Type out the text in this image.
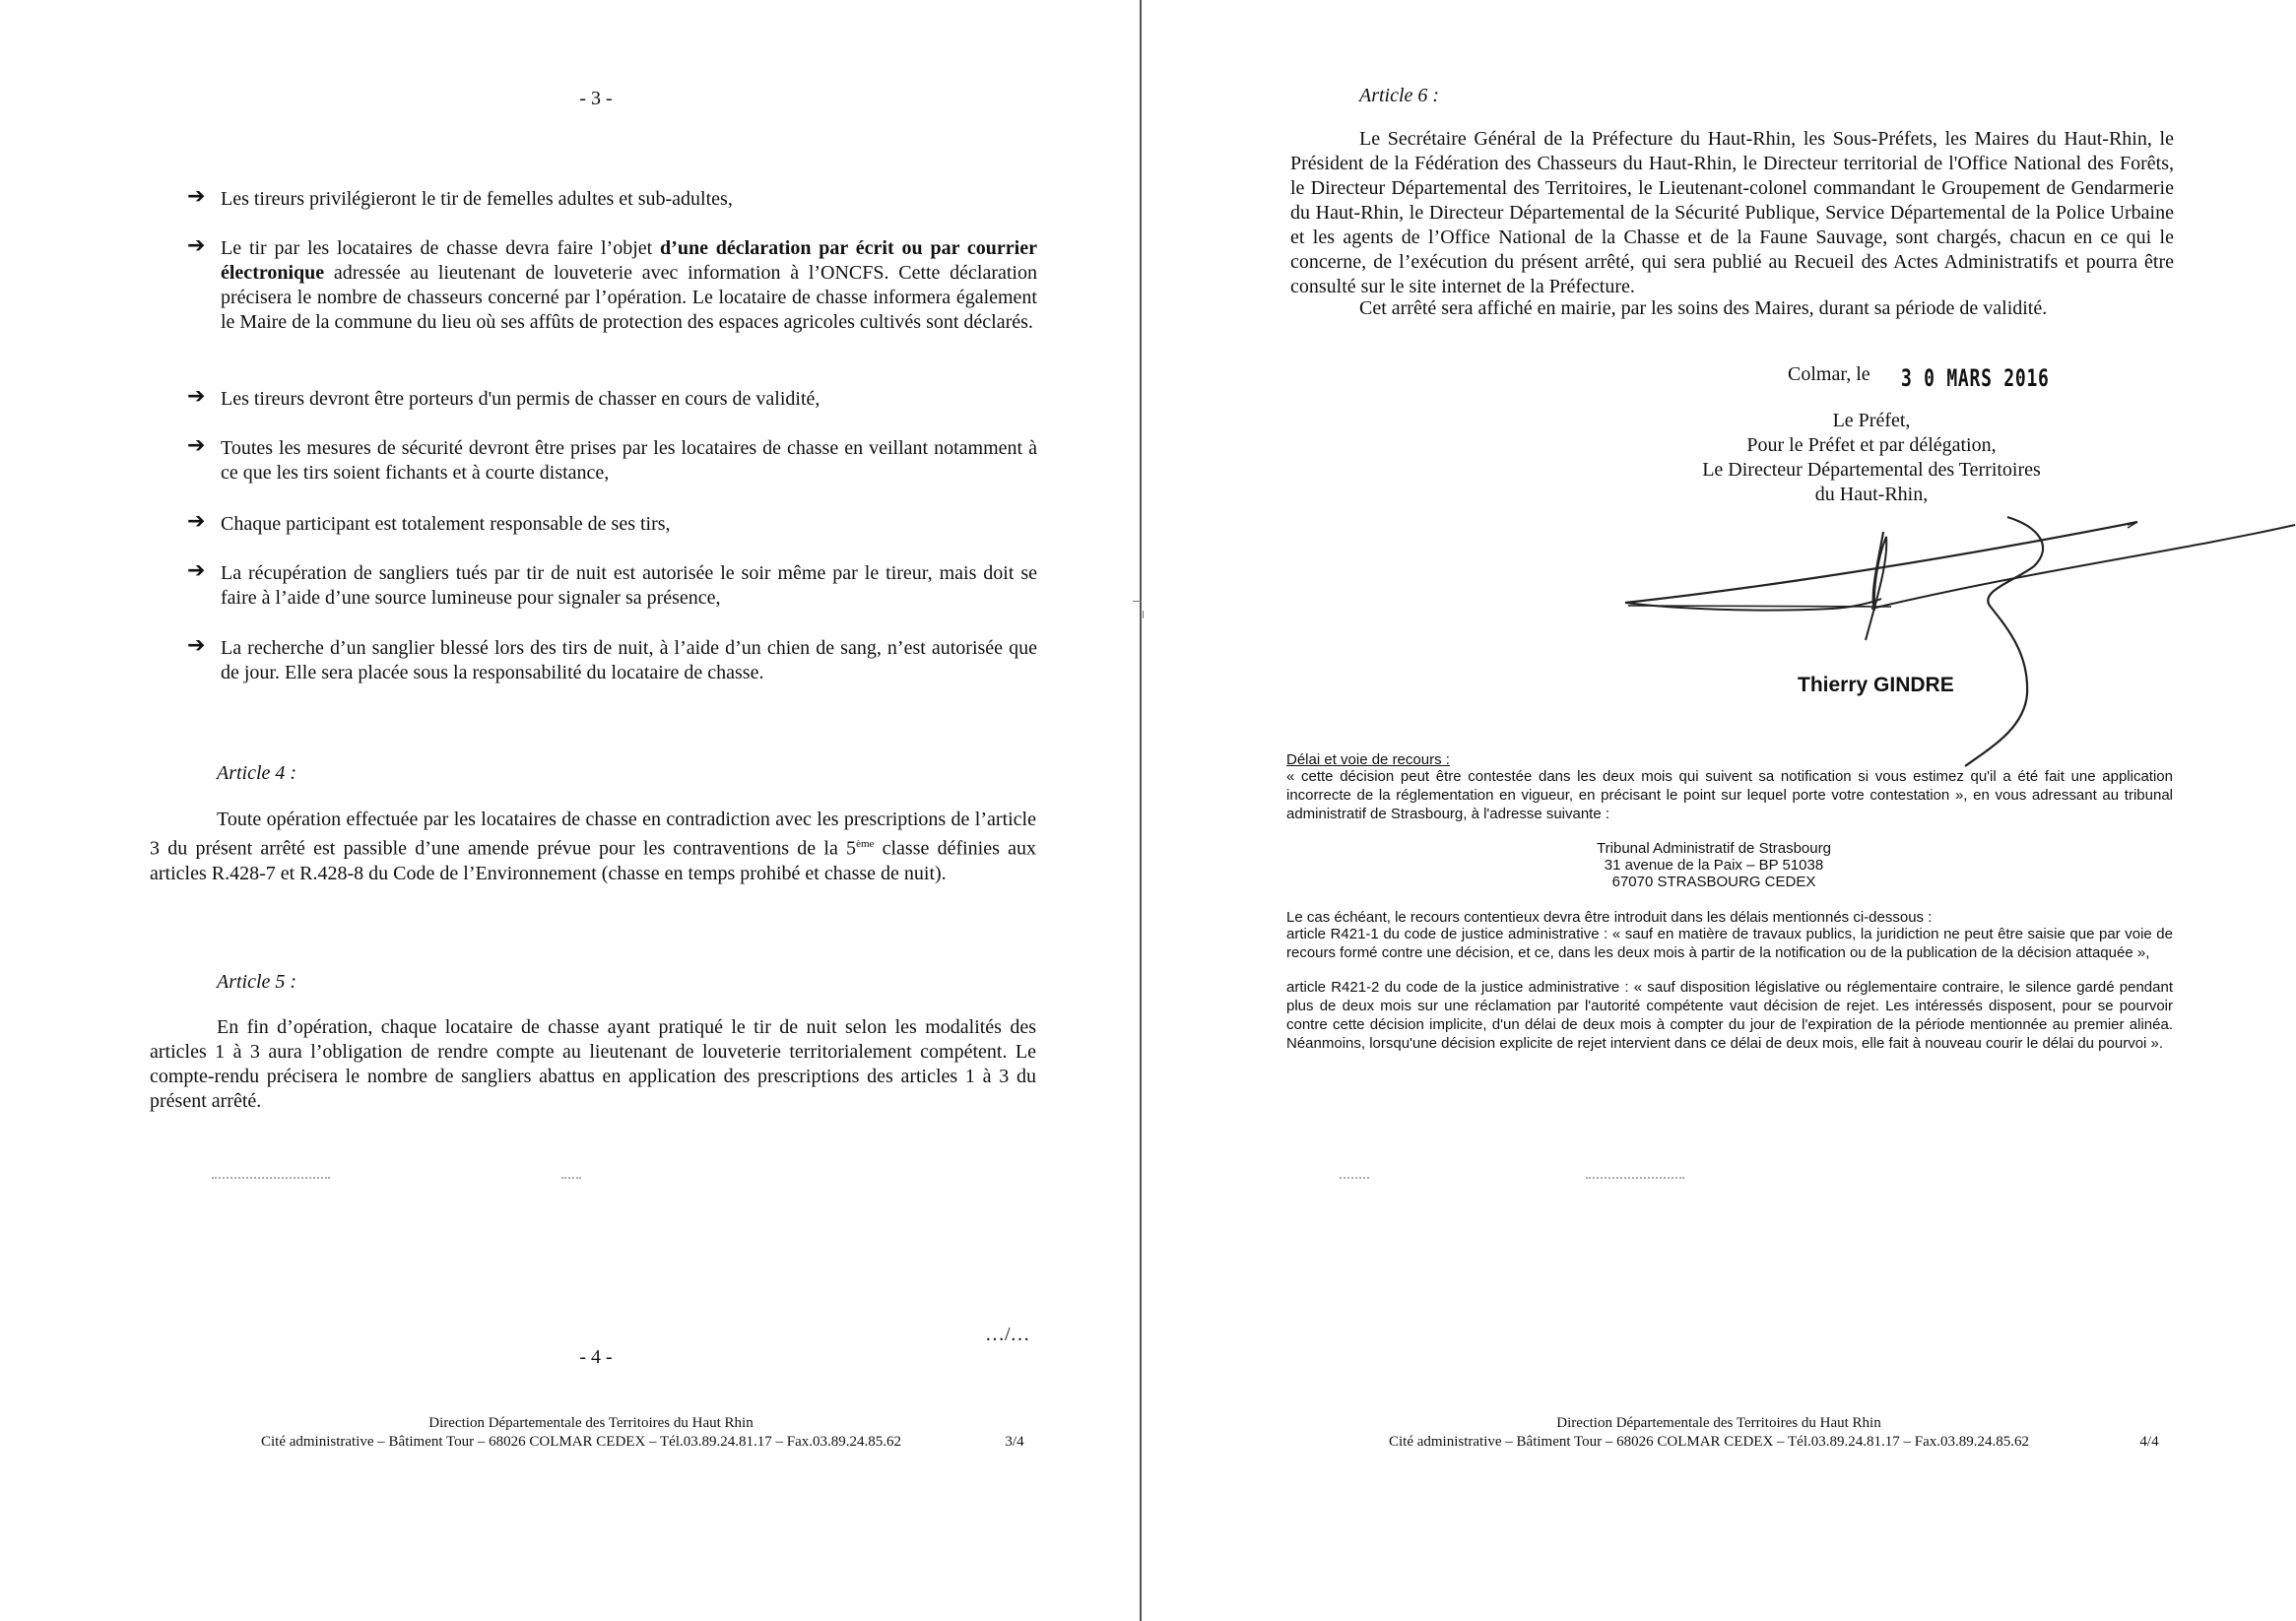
- 3 -
➔ Les tireurs privilégieront le tir de femelles adultes et sub-adultes,
➔ Le tir par les locataires de chasse devra faire l’objet d’une déclaration par écrit ou par courrier électronique adressée au lieutenant de louveterie avec information à l’ONCFS. Cette déclaration précisera le nombre de chasseurs concerné par l’opération. Le locataire de chasse informera également le Maire de la commune du lieu où ses affûts de protection des espaces agricoles cultivés sont déclarés.
➔ Les tireurs devront être porteurs d'un permis de chasser en cours de validité,
➔ Toutes les mesures de sécurité devront être prises par les locataires de chasse en veillant notamment à ce que les tirs soient fichants et à courte distance,
➔ Chaque participant est totalement responsable de ses tirs,
➔ La récupération de sangliers tués par tir de nuit est autorisée le soir même par le tireur, mais doit se faire à l’aide d’une source lumineuse pour signaler sa présence,
➔ La recherche d’un sanglier blessé lors des tirs de nuit, à l’aide d’un chien de sang, n’est autorisée que de jour. Elle sera placée sous la responsabilité du locataire de chasse.
Article 4 :
Toute opération effectuée par les locataires de chasse en contradiction avec les prescriptions de l’article 3 du présent arrêté est passible d’une amende prévue pour les contraventions de la 5ème classe définies aux articles R.428-7 et R.428-8 du Code de l’Environnement (chasse en temps prohibé et chasse de nuit).
Article 5 :
En fin d’opération, chaque locataire de chasse ayant pratiqué le tir de nuit selon les modalités des articles 1 à 3 aura l’obligation de rendre compte au lieutenant de louveterie territorialement compétent. Le compte-rendu précisera le nombre de sangliers abattus en application des prescriptions des articles 1 à 3 du présent arrêté.
…/…
- 4 -
Direction Départementale des Territoires du Haut Rhin
Cité administrative – Bâtiment Tour – 68026 COLMAR CEDEX – Tél.03.89.24.81.17 – Fax.03.89.24.85.62	3/4
Article 6 :
Le Secrétaire Général de la Préfecture du Haut-Rhin, les Sous-Préfets, les Maires du Haut-Rhin, le Président de la Fédération des Chasseurs du Haut-Rhin, le Directeur territorial de l'Office National des Forêts, le Directeur Départemental des Territoires, le Lieutenant-colonel commandant le Groupement de Gendarmerie du Haut-Rhin, le Directeur Départemental de la Sécurité Publique, Service Départemental de la Police Urbaine et les agents de l’Office National de la Chasse et de la Faune Sauvage, sont chargés, chacun en ce qui le concerne, de l’exécution du présent arrêté, qui sera publié au Recueil des Actes Administratifs et pourra être consulté sur le site internet de la Préfecture.
Cet arrêté sera affiché en mairie, par les soins des Maires, durant sa période de validité.
Colmar, le 3 0 MARS 2016
Le Préfet,
Pour le Préfet et par délégation,
Le Directeur Départemental des Territoires
du Haut-Rhin,
Thierry GINDRE
Délai et voie de recours :
« cette décision peut être contestée dans les deux mois qui suivent sa notification si vous estimez qu'il a été fait une application incorrecte de la réglementation en vigueur, en précisant le point sur lequel porte votre contestation », en vous adressant au tribunal administratif de Strasbourg, à l'adresse suivante :
Tribunal Administratif de Strasbourg
31 avenue de la Paix – BP 51038
67070 STRASBOURG CEDEX
Le cas échéant, le recours contentieux devra être introduit dans les délais mentionnés ci-dessous :
article R421-1 du code de justice administrative : « sauf en matière de travaux publics, la juridiction ne peut être saisie que par voie de recours formé contre une décision, et ce, dans les deux mois à partir de la notification ou de la publication de la décision attaquée »,
article R421-2 du code de la justice administrative : « sauf disposition législative ou réglementaire contraire, le silence gardé pendant plus de deux mois sur une réclamation par l'autorité compétente vaut décision de rejet. Les intéressés disposent, pour se pourvoir contre cette décision implicite, d'un délai de deux mois à compter du jour de l'expiration de la période mentionnée au premier alinéa. Néanmoins, lorsqu'une décision explicite de rejet intervient dans ce délai de deux mois, elle fait à nouveau courir le délai du pourvoi ».
Direction Départementale des Territoires du Haut Rhin
Cité administrative – Bâtiment Tour – 68026 COLMAR CEDEX – Tél.03.89.24.81.17 – Fax.03.89.24.85.62	4/4
